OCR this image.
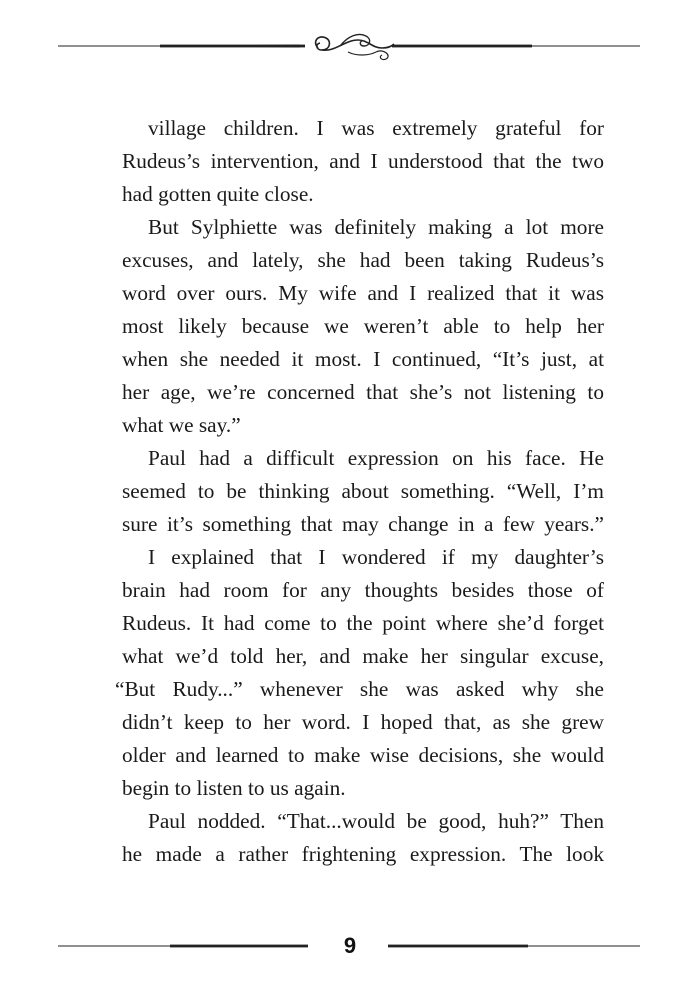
village children. I was extremely grateful for
Rudeus’s intervention, and I understood that the two
had gotten quite close.

But Sylphiette was definitely making a lot more
excuses, and lately, she had been taking Rudeus’s
word over ours. My wife and I realized that it was
most likely because we weren’t able to help her
when she needed it most. I continued, “It’s just, at
her age, we’re concerned that she’s not listening to
what we say.”

Paul had a difficult expression on his face. He
seemed to be thinking about something. “Well, I’m
sure it’s something that may change in a few years.”

I explained that I wondered if my daughter’s
brain had room for any thoughts besides those of
Rudeus. It had come to the point where she’d forget
what we’d told her, and make her singular excuse,
“But Rudy...” whenever she was asked why she
didn’t keep to her word. I hoped that, as she grew
older and learned to make wise decisions, she would
begin to listen to us again.

Paul nodded. “That...would be good, huh?” Then
he made a rather frightening expression. The look

9
